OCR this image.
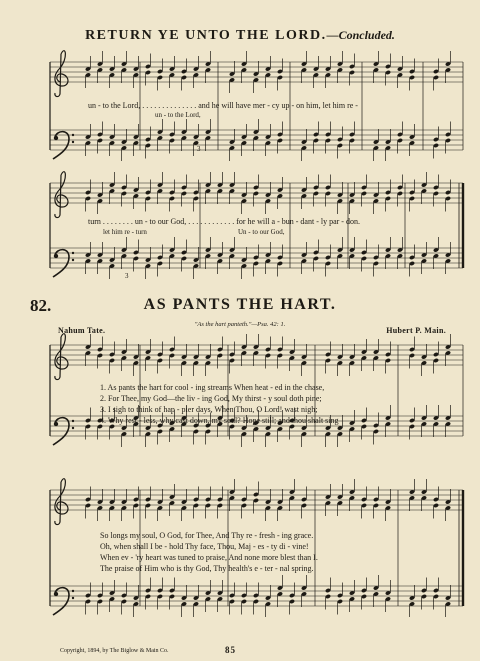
RETURN YE UNTO THE LORD.—Concluded.
un - to the Lord, . . . . . . . . . . . . . . and he will have mer - cy up - on him, let him re -
un - to the Lord,
3
turn . . . . . . . . un - to our God, . . . . . . . . . . . . for he will a - bun - dant - ly par - don.
let him re - turn	Un - to our God,
3
82.	AS PANTS THE HART.
Nahum Tate.
"As the hart panteth."—Psa. 42: 1.
Hubert P. Main.
1. As pants the hart for cool - ing streams When heat - ed in the chase,
2. For Thee, my God—the liv - ing God, My thirst - y soul doth pine;
3. I sigh to think of hap - pier days, When Thou, O Lord! wast nigh;
4. Why rest - less, why cast down, my soul? Hope still; and thou shalt sing
So longs my soul, O God, for Thee, And Thy re - fresh - ing grace.
Oh, when shall I be - hold Thy face, Thou, Maj - es - ty di - vine!
When ev - 'ry heart was tuned to praise, And none more blest than I.
The praise of Him who is thy God, Thy health's e - ter - nal spring.
Copyright, 1894, by The Biglow & Main Co.	85
